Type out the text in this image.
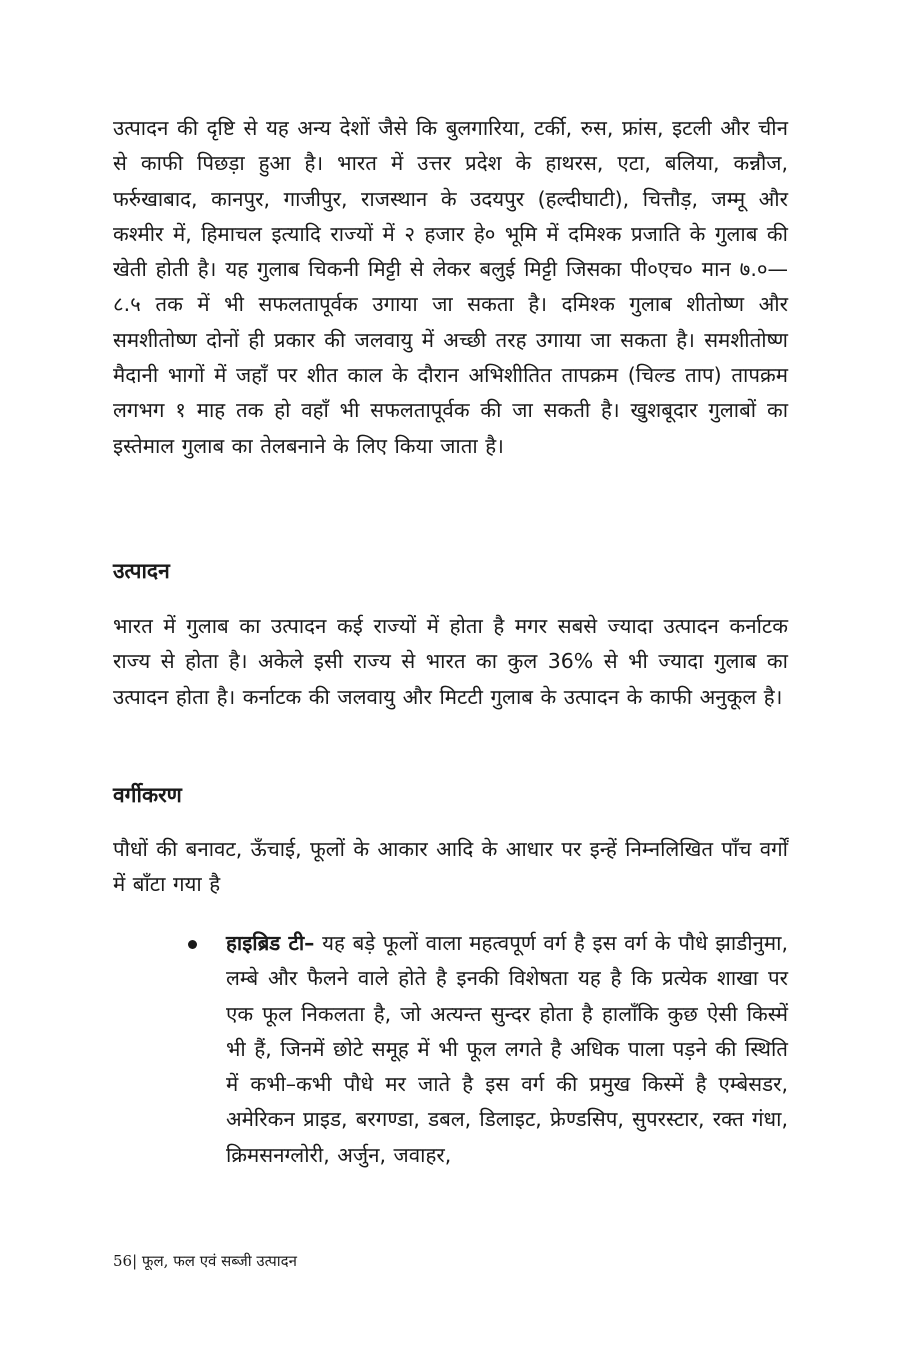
उत्पादन की दृष्टि से यह अन्य देशों जैसे कि बुलगारिया, टर्की, रुस, फ्रांस, इटली और चीन से काफी पिछड़ा हुआ है। भारत में उत्तर प्रदेश के हाथरस, एटा, बलिया, कन्नौज, फर्रुखाबाद, कानपुर, गाजीपुर, राजस्थान के उदयपुर (हल्दीघाटी), चित्तौड़, जम्मू और कश्मीर में, हिमाचल इत्यादि राज्यों में २ हजार हे० भूमि में दमिश्क प्रजाति के गुलाब की खेती होती है। यह गुलाब चिकनी मिट्टी से लेकर बलुई मिट्टी जिसका पी०एच० मान ७.०—८.५ तक में भी सफलतापूर्वक उगाया जा सकता है। दमिश्क गुलाब शीतोष्ण और समशीतोष्ण दोनों ही प्रकार की जलवायु में अच्छी तरह उगाया जा सकता है। समशीतोष्ण मैदानी भागों में जहाँ पर शीत काल के दौरान अभिशीतित तापक्रम (चिल्ड ताप) तापक्रम लगभग १ माह तक हो वहाँ भी सफलतापूर्वक की जा सकती है। खुशबूदार गुलाबों का इस्तेमाल गुलाब का तेलबनाने के लिए किया जाता है।

उत्पादन

भारत में गुलाब का उत्पादन कई राज्यों में होता है मगर सबसे ज्यादा उत्पादन कर्नाटक राज्य से होता है। अकेले इसी राज्य से भारत का कुल 36% से भी ज्यादा गुलाब का उत्पादन होता है। कर्नाटक की जलवायु और मिटटी गुलाब के उत्पादन के काफी अनुकूल है।

वर्गीकरण

पौधों की बनावट, ऊँचाई, फूलों के आकार आदि के आधार पर इन्हें निम्नलिखित पाँच वर्गों में बाँटा गया है

हाइब्रिड टी– यह बड़े फूलों वाला महत्वपूर्ण वर्ग है इस वर्ग के पौधे झाडीनुमा, लम्बे और फैलने वाले होते है इनकी विशेषता यह है कि प्रत्येक शाखा पर एक फूल निकलता है, जो अत्यन्त सुन्दर होता है हालाँकि कुछ ऐसी किस्में भी हैं, जिनमें छोटे समूह में भी फूल लगते है अधिक पाला पड़ने की स्थिति में कभी–कभी पौधे मर जाते है इस वर्ग की प्रमुख किस्में है एम्बेसडर, अमेरिकन प्राइड, बरगण्डा, डबल, डिलाइट, फ्रेण्डसिप, सुपरस्टार, रक्त गंधा, क्रिमसनग्लोरी, अर्जुन, जवाहर,
56| फूल, फल एवं सब्जी उत्पादन
